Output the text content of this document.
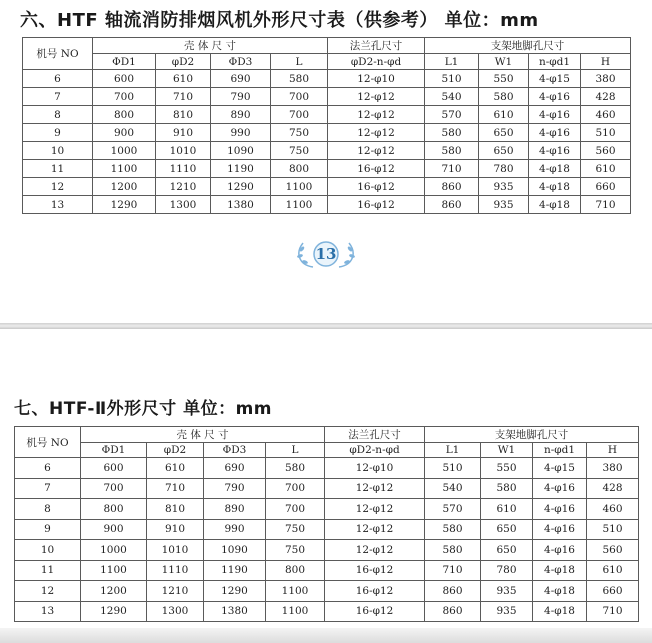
六、HTF 轴流消防排烟风机外形尺寸表（供参考） 单位：mm
机号 NO	壳 体 尺 寸				法兰孔尺寸	支架地脚孔尺寸			
	ΦD1	φD2	ΦD3	L	φD2-n-φd	L1	W1	n-φd1	H
6	600	610	690	580	12-φ10	510	550	4-φ15	380
7	700	710	790	700	12-φ12	540	580	4-φ16	428
8	800	810	890	700	12-φ12	570	610	4-φ16	460
9	900	910	990	750	12-φ12	580	650	4-φ16	510
10	1000	1010	1090	750	12-φ12	580	650	4-φ16	560
11	1100	1110	1190	800	16-φ12	710	780	4-φ18	610
12	1200	1210	1290	1100	16-φ12	860	935	4-φ18	660
13	1290	1300	1380	1100	16-φ12	860	935	4-φ18	710
13
七、HTF-Ⅱ外形尺寸 单位：mm
机号 NO	壳 体 尺 寸				法兰孔尺寸	支架地脚孔尺寸			
	ΦD1	φD2	ΦD3	L	φD2-n-φd	L1	W1	n-φd1	H
6	600	610	690	580	12-φ10	510	550	4-φ15	380
7	700	710	790	700	12-φ12	540	580	4-φ16	428
8	800	810	890	700	12-φ12	570	610	4-φ16	460
9	900	910	990	750	12-φ12	580	650	4-φ16	510
10	1000	1010	1090	750	12-φ12	580	650	4-φ16	560
11	1100	1110	1190	800	16-φ12	710	780	4-φ18	610
12	1200	1210	1290	1100	16-φ12	860	935	4-φ18	660
13	1290	1300	1380	1100	16-φ12	860	935	4-φ18	710
